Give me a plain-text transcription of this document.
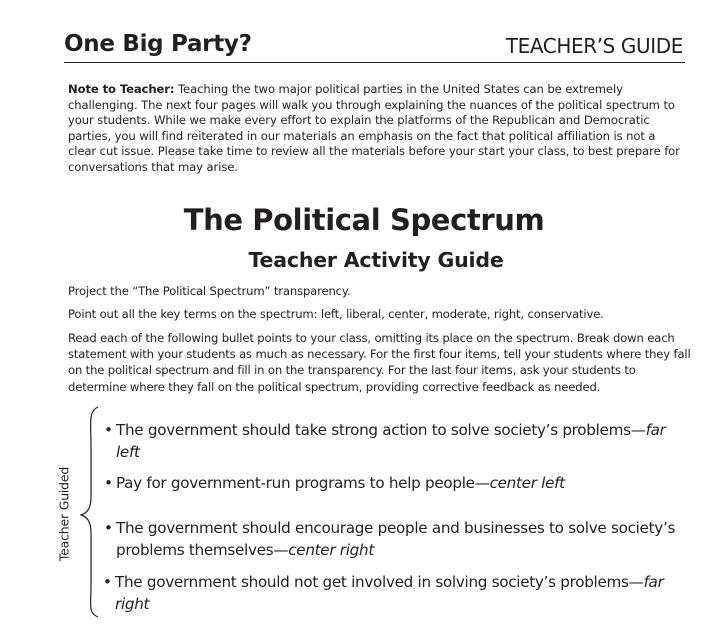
One Big Party?	TEACHER’S GUIDE
Note to Teacher: Teaching the two major political parties in the United States can be extremely challenging. The next four pages will walk you through explaining the nuances of the political spectrum to your students. While we make every effort to explain the platforms of the Republican and Democratic parties, you will find reiterated in our materials an emphasis on the fact that political affiliation is not a clear cut issue. Please take time to review all the materials before your start your class, to best prepare for conversations that may arise.
The Political Spectrum
Teacher Activity Guide
Project the “The Political Spectrum” transparency.
Point out all the key terms on the spectrum: left, liberal, center, moderate, right, conservative.
Read each of the following bullet points to your class, omitting its place on the spectrum. Break down each statement with your students as much as necessary. For the first four items, tell your students where they fall on the political spectrum and fill in on the transparency. For the last four items, ask your students to determine where they fall on the political spectrum, providing corrective feedback as needed.
Teacher Guided
• The government should take strong action to solve society’s problems—far left
• Pay for government-run programs to help people—center left
• The government should encourage people and businesses to solve society’s problems themselves—center right
• The government should not get involved in solving society’s problems—far right
